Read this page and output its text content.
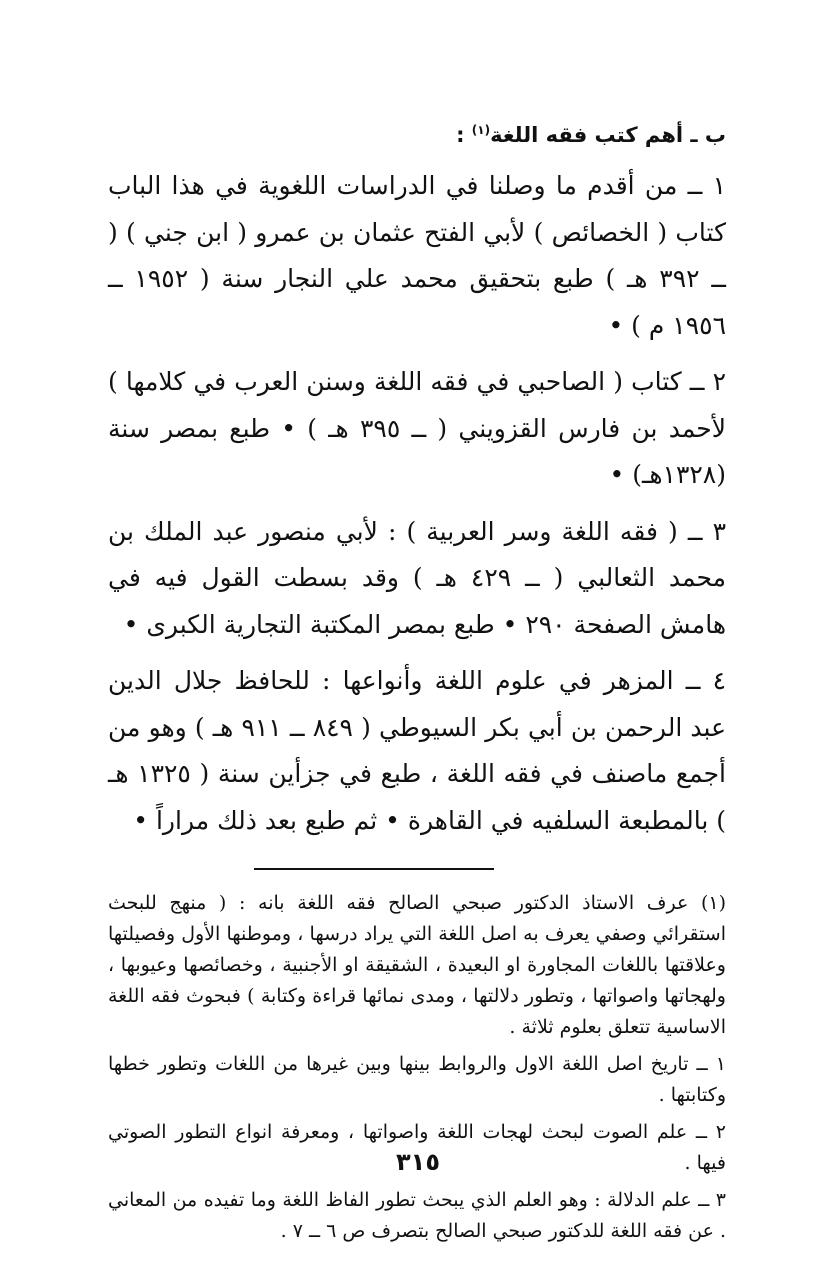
ب ـ أهم كتب فقه اللغة$^{(١)}$ :

١ ــ من أقدم ما وصلنا في الدراسات اللغوية في هذا الباب كتاب ( الخصائص ) لأبي الفتح عثمان بن عمرو ( ابن جني ) ( ــ ٣٩٢ هـ ) طبع بتحقيق محمد علي النجار سنة ( ١٩٥٢ ــ ١٩٥٦ م ) •

٢ ــ كتاب ( الصاحبي في فقه اللغة وسنن العرب في كلامها ) لأحمد بن فارس القزويني ( ــ ٣٩٥ هـ ) • طبع بمصر سنة (١٣٢٨هـ) •

٣ ــ ( فقه اللغة وسر العربية ) : لأبي منصور عبد الملك بن محمد الثعالبي ( ــ ٤٢٩ هـ ) وقد بسطت القول فيه في هامش الصفحة ٢٩٠ • طبع بمصر المكتبة التجارية الكبرى •

٤ ــ المزهر في علوم اللغة وأنواعها : للحافظ جلال الدين عبد الرحمن بن أبي بكر السيوطي ( ٨٤٩ ــ ٩١١ هـ ) وهو من أجمع ماصنف في فقه اللغة ، طبع في جزأين سنة ( ١٣٢٥ هـ ) بالمطبعة السلفيه في القاهرة • ثم طبع بعد ذلك مراراً •

(١) عرف الاستاذ الدكتور صبحي الصالح فقه اللغة بانه : ( منهج للبحث استقرائي وصفي يعرف به اصل اللغة التي يراد درسها ، وموطنها الأول وفصيلتها وعلاقتها باللغات المجاورة او البعيدة ، الشقيقة او الأجنبية ، وخصائصها وعيوبها ، ولهجاتها واصواتها ، وتطور دلالتها ، ومدى نمائها قراءة وكتابة ) فبحوث فقه اللغة الاساسية تتعلق بعلوم ثلاثة .

١ ــ تاريخ اصل اللغة الاول والروابط بينها وبين غيرها من اللغات وتطور خطها وكتابتها .

٢ ــ علم الصوت لبحث لهجات اللغة واصواتها ، ومعرفة انواع التطور الصوتي فيها .

٣ ــ علم الدلالة : وهو العلم الذي يبحث تطور الفاظ اللغة وما تفيده من المعاني . عن فقه اللغة للدكتور صبحي الصالح بتصرف ص ٦ ــ ٧ .

٣١٥
